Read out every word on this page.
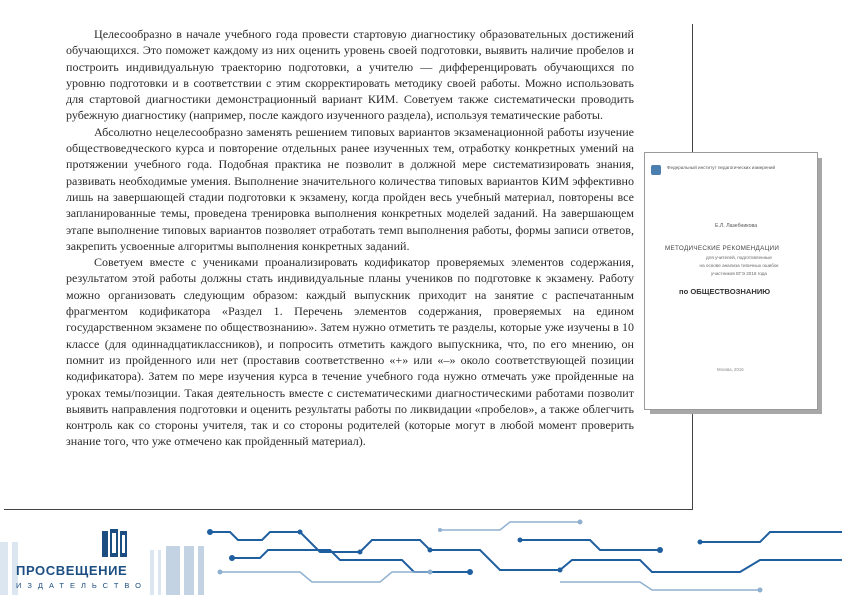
Целесообразно в начале учебного года провести стартовую диагностику образовательных достижений обучающихся. Это поможет каждому из них оценить уровень своей подготовки, выявить наличие пробелов и построить индивидуальную траекторию подготовки, а учителю — дифференцировать обучающихся по уровню подготовки и в соответствии с этим скорректировать методику своей работы. Можно использовать для стартовой диагностики демонстрационный вариант КИМ. Советуем также систематически проводить рубежную диагностику (например, после каждого изученного раздела), используя тематические работы.

Абсолютно нецелесообразно заменять решением типовых вариантов экзаменационной работы изучение обществоведческого курса и повторение отдельных ранее изученных тем, отработку конкретных умений на протяжении учебного года. Подобная практика не позволит в должной мере систематизировать знания, развивать необходимые умения. Выполнение значительного количества типовых вариантов КИМ эффективно лишь на завершающей стадии подготовки к экзамену, когда пройден весь учебный материал, повторены все запланированные темы, проведена тренировка выполнения конкретных моделей заданий. На завершающем этапе выполнение типовых вариантов позволяет отработать темп выполнения работы, формы записи ответов, закрепить усвоенные алгоритмы выполнения конкретных заданий.

Советуем вместе с учениками проанализировать кодификатор проверяемых элементов содержания, результатом этой работы должны стать индивидуальные планы учеников по подготовке к экзамену. Работу можно организовать следующим образом: каждый выпускник приходит на занятие с распечатанным фрагментом кодификатора «Раздел 1. Перечень элементов содержания, проверяемых на едином государственном экзамене по обществознанию». Затем нужно отметить те разделы, которые уже изучены в 10 классе (для одиннадцатиклассников), и попросить отметить каждого выпускника, что, по его мнению, он помнит из пройденного или нет (проставив соответственно «+» или «–» около соответствующей позиции кодификатора). Затем по мере изучения курса в течение учебного года нужно отмечать уже пройденные на уроках темы/позиции. Такая деятельность вместе с систематическими диагностическими работами позволит выявить направления подготовки и оценить результаты работы по ликвидации «пробелов», а также облегчить контроль как со стороны учителя, так и со стороны родителей (которые могут в любой момент проверить знание того, что уже отмечено как пройденный материал).

Федеральный институт педагогических измерений
Е.Л. Лазебникова
МЕТОДИЧЕСКИЕ РЕКОМЕНДАЦИИ
для учителей, подготовленные
на основе анализа типичных ошибок
участников ЕГЭ 2016 года
по ОБЩЕСТВОЗНАНИЮ
Москва, 2016
ПРОСВЕЩЕНИЕ
ИЗДАТЕЛЬСТВО
